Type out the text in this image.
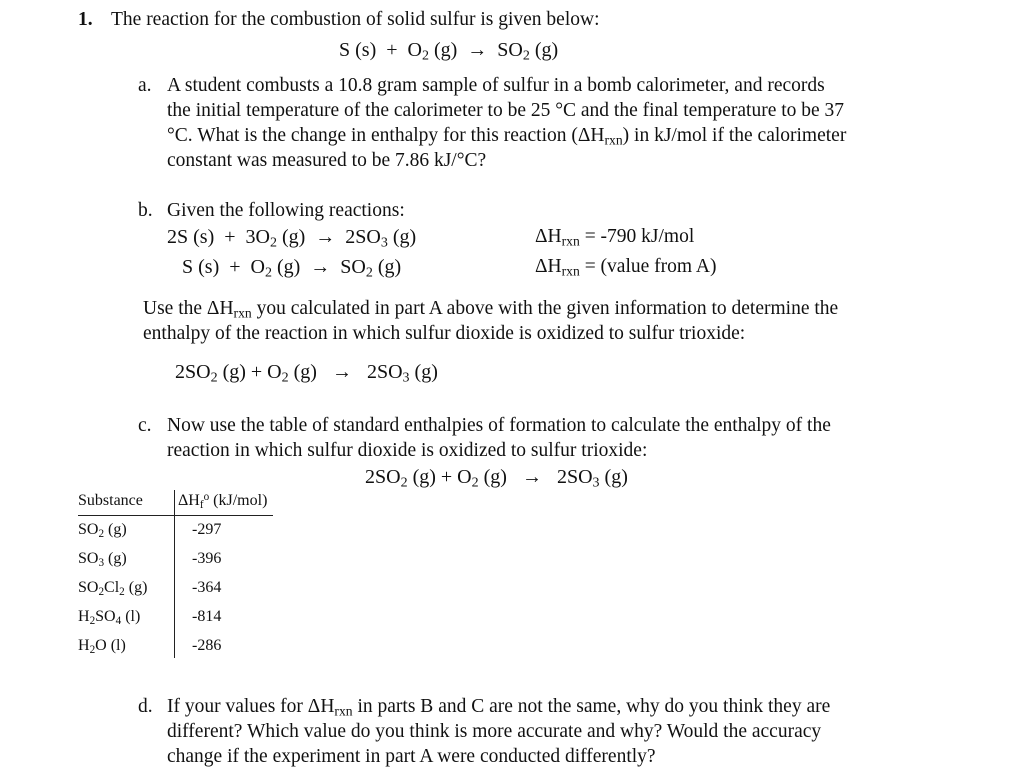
1. The reaction for the combustion of solid sulfur is given below:
S $(s) + O_2$ $(g) \to SO_2$ (g)
a. A student combusts a 10.8 gram sample of sulfur in a bomb calorimeter, and records
the initial temperature of the calorimeter to be 25 °C and the final temperature to be 37
°C. What is the change in enthalpy for this reaction $(\Delta H_{rxn})$ in kJ/mol if the calorimeter
constant was measured to be 7.86 kJ/°C?
b. Given the following reactions:
2S $(s) + 3O_2$ $(g) \to 2SO_3$ (g)	$\Delta H_{rxn} = -790$ kJ/mol
S $(s) + O_2$ $(g) \to SO_2$ (g)	$\Delta H_{rxn}$ = (value from A)
Use the $\Delta H_{rxn}$ you calculated in part A above with the given information to determine the
enthalpy of the reaction in which sulfur dioxide is oxidized to sulfur trioxide:
$2SO_2$ $(g) + O_2$ $(g) \to 2SO_3$ (g)
c. Now use the table of standard enthalpies of formation to calculate the enthalpy of the
reaction in which sulfur dioxide is oxidized to sulfur trioxide:
$2SO_2$ $(g) + O_2$ $(g) \to 2SO_3$ (g)
Substance $\Delta H_f^o$ (kJ/mol)
$SO_2$ (g)	-297
$SO_3$ (g)	-396
$SO_2Cl_2$ (g)	-364
$H_2SO_4$ (l)	-814
$H_2O$ (l)	-286
d. If your values for $\Delta H_{rxn}$ in parts B and C are not the same, why do you think they are
different? Which value do you think is more accurate and why? Would the accuracy
change if the experiment in part A were conducted differently?
